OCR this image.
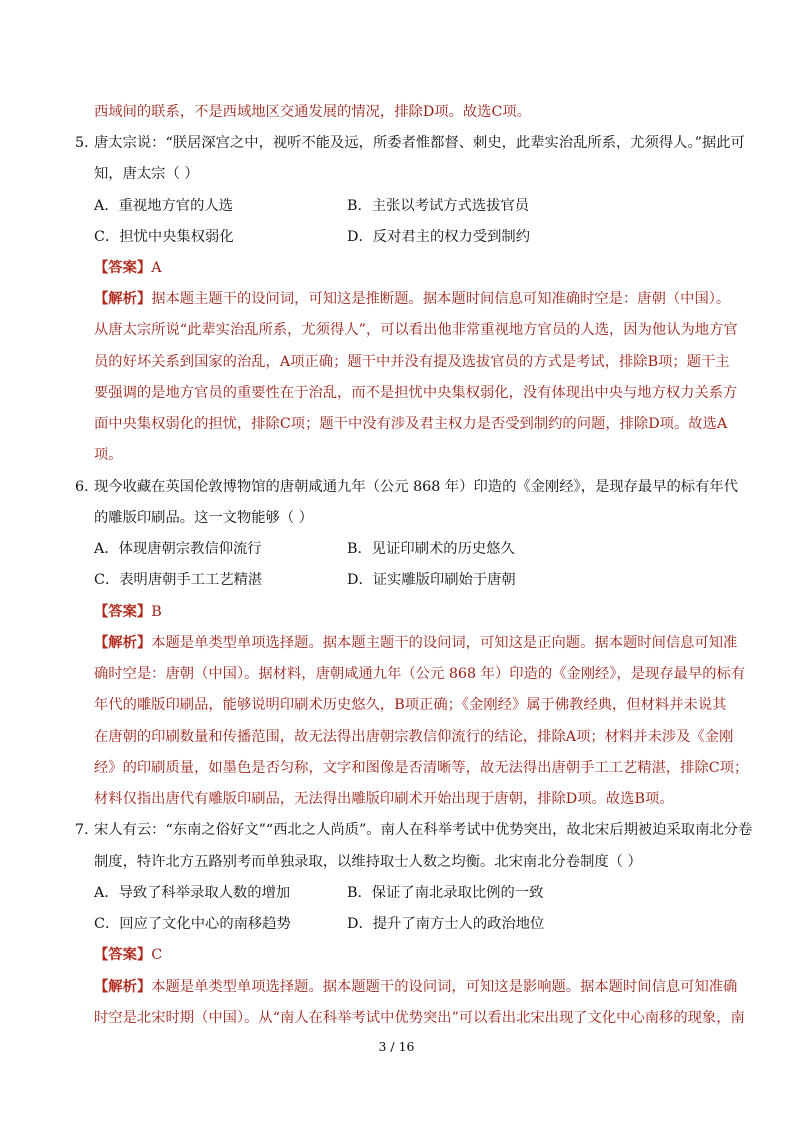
西域间的联系，不是西域地区交通发展的情况，排除D项。故选C项。
5．
唐太宗说：“朕居深宫之中，视听不能及远，所委者惟都督、刺史，此辈实治乱所系，尤须得人。”据此可
知，唐太宗（ ）
A．重视地方官的人选	B．主张以考试方式选拔官员
C．担忧中央集权弱化	D．反对君主的权力受到制约
【答案】A
【解析】据本题主题干的设问词，可知这是推断题。据本题时间信息可知准确时空是：唐朝（中国）。
从唐太宗所说“此辈实治乱所系，尤须得人”，可以看出他非常重视地方官员的人选，因为他认为地方官
员的好坏关系到国家的治乱，A项正确；题干中并没有提及选拔官员的方式是考试，排除B项；题干主
要强调的是地方官员的重要性在于治乱，而不是担忧中央集权弱化，没有体现出中央与地方权力关系方
面中央集权弱化的担忧，排除C项；题干中没有涉及君主权力是否受到制约的问题，排除D项。故选A
项。
6．
现今收藏在英国伦敦博物馆的唐朝咸通九年（公元 868 年）印造的《金刚经》，是现存最早的标有年代
的雕版印刷品。这一文物能够（ ）
A．体现唐朝宗教信仰流行	B．见证印刷术的历史悠久
C．表明唐朝手工工艺精湛	D．证实雕版印刷始于唐朝
【答案】B
【解析】本题是单类型单项选择题。据本题主题干的设问词，可知这是正向题。据本题时间信息可知准
确时空是：唐朝（中国）。据材料，唐朝咸通九年（公元 868 年）印造的《金刚经》，是现存最早的标有
年代的雕版印刷品，能够说明印刷术历史悠久，B项正确；《金刚经》属于佛教经典，但材料并未说其
在唐朝的印刷数量和传播范围，故无法得出唐朝宗教信仰流行的结论，排除A项；材料并未涉及《金刚
经》的印刷质量，如墨色是否匀称，文字和图像是否清晰等，故无法得出唐朝手工工艺精湛，排除C项；
材料仅指出唐代有雕版印刷品，无法得出雕版印刷术开始出现于唐朝，排除D项。故选B项。
7．
宋人有云：“东南之俗好文”“西北之人尚质”。南人在科举考试中优势突出，故北宋后期被迫采取南北分卷
制度，特许北方五路别考而单独录取，以维持取士人数之均衡。北宋南北分卷制度（ ）
A．导致了科举录取人数的增加	B．保证了南北录取比例的一致
C．回应了文化中心的南移趋势	D．提升了南方士人的政治地位
【答案】C
【解析】本题是单类型单项选择题。据本题题干的设问词，可知这是影响题。据本题时间信息可知准确
时空是北宋时期（中国）。从“南人在科举考试中优势突出”可以看出北宋出现了文化中心南移的现象，南
3 / 16
